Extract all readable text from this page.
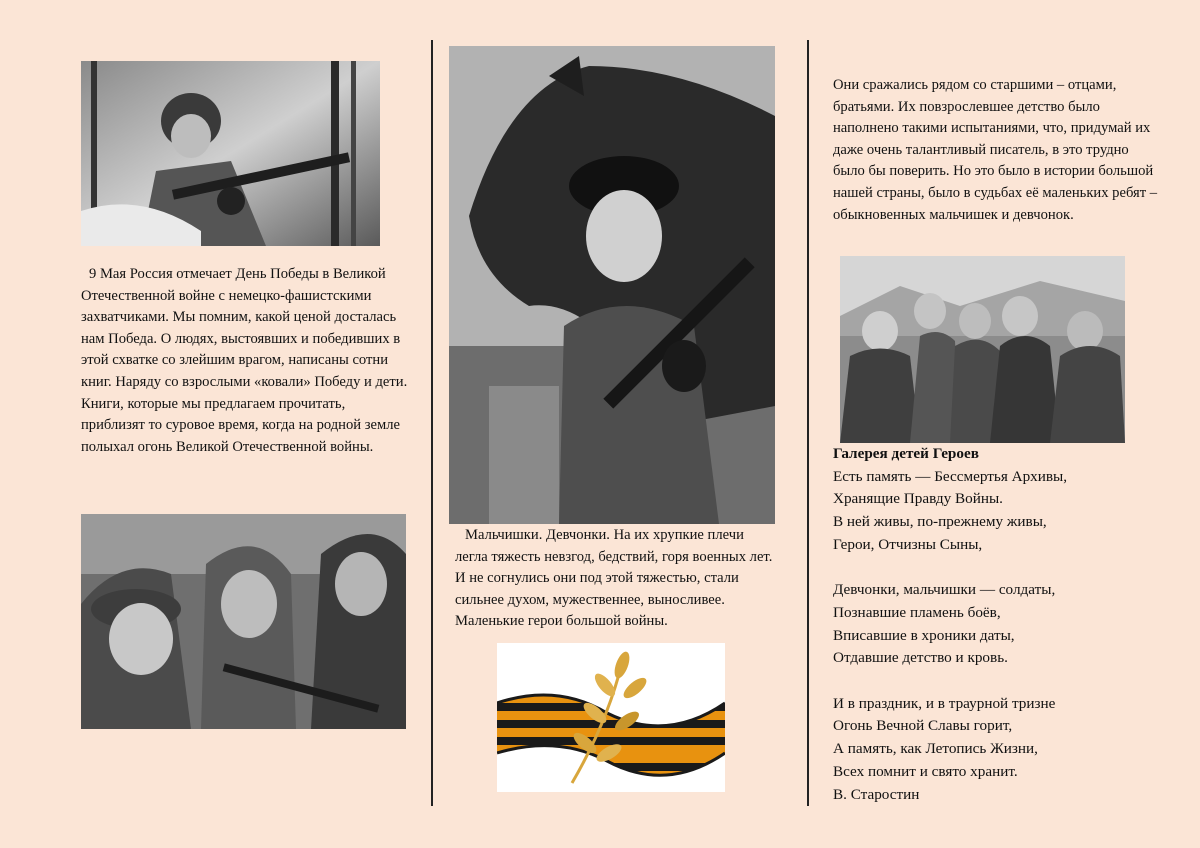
9 Мая Россия отмечает День Победы в Великой Отечественной войне с немецко-фашистскими захватчиками. Мы помним, какой ценой досталась нам Победа. О людях, выстоявших и победивших в этой схватке со злейшим врагом, написаны сотни книг. Наряду со взрослыми «ковали» Победу и дети. Книги, которые мы предлагаем прочитать, приблизят то суровое время, когда на родной земле полыхал огонь Великой Отечественной войны.

Мальчишки. Девчонки. На их хрупкие плечи легла тяжесть невзгод, бедствий, горя военных лет. И не согнулись они под этой тяжестью, стали сильнее духом, мужественнее, выносливее. Маленькие герои большой войны.

Они сражались рядом со старшими – отцами, братьями. Их повзрослевшее детство было наполнено такими испытаниями, что, придумай их даже очень талантливый писатель, в это трудно было бы поверить. Но это было в истории большой нашей страны, было в судьбах её маленьких ребят – обыкновенных мальчишек и девчонок.

Галерея детей Героев
Есть память — Бессмертья Архивы,
Хранящие Правду Войны.
В ней живы, по-прежнему живы,
Герои, Отчизны Сыны,
Девчонки, мальчишки — солдаты,
Познавшие пламень боёв,
Вписавшие в хроники даты,
Отдавшие детство и кровь.
И в праздник, и в траурной тризне
Огонь Вечной Славы горит,
А память, как Летопись Жизни,
Всех помнит и свято хранит.
В. Старостин
